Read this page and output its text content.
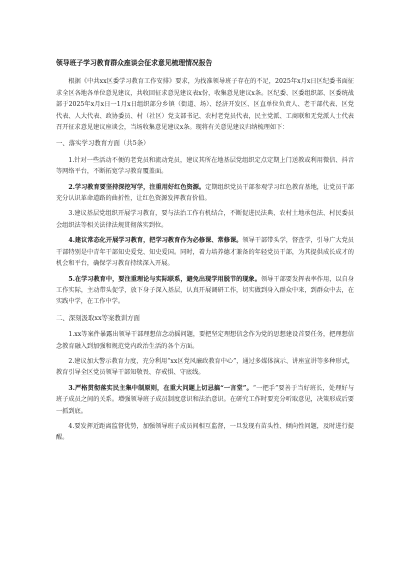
领导班子学习教育群众座谈会征求意见梳理情况报告

根据《中共xx区委学习教育工作安排》要求，为找准领导班子存在的不足，2025年x月x日区纪委书面征求全区各地各单位意见建议，共收回征求意见建议表x份，收集意见建议x条。区纪委、区委组织部、区委统战部于2025年x月x日一1月x日组织部分乡镇（街道、场）、经济开发区、区直单位负责人、老干部代表、区党代表、人大代表、政协委员、村（社区）党支部书记、农村老党员代表，民主党派、工商联和无党派人士代表召开征求意见建议座谈会，当场收集意见建议x条。现将有关意见建议归纳梳理如下：

一、落实学习教育方面（共5条）

1.针对一些活动不便的老党员和流动党员，建议其所在地基层党组织定点定期上门送教或利用微信、抖音等网络平台，不断拓宽学习教育覆盖面。

2.学习教育要坚持深挖写学，注重用好红色资源。定期组织党员干部参观学习红色教育基地，让党员干部充分认识革命道路的曲折性，让红色资源发挥教育价值。

3.建议基层党组织开展学习教育，要与法治工作有机结合，不断促进民法典、农村土地承包法、村民委员会组织法等相关法律法规贯彻落实到位。

4.建议常态化开展学习教育，把学习教育作为必修课、常修课。领导干部带头学，督查学，引导广大党员干部特别是中青年干部知史爱党、知史爱国。同时，着力培养德才兼备的年轻党员干部，为其提供成长成才的机会和平台，确保学习教育持续深入开展。

5.在学习教育中，要注重理论与实际联系，避免出现学用脱节的现象。领导干部要发挥表率作用，以自身工作实际，主动带头促学，放下身子深入基层，认真开展调研工作，切实做到身入群众中来，到群众中去，在实践中学，在工作中学。

二、深刻汲取xx等案教训方面

1.xx等案件暴露出领导干部理想信念动摇问题，要把坚定理想信念作为党的思想建设首要任务，把理想信念教育融入到加强和规范党内政治生活的各个方面。

2.建议加大警示教育力度，充分利用“xx区党风廉政教育中心”，通过多媒体演示、讲座宣讲等多种形式，教育引导全区党员领导干部知敬畏、存戒惧、守底线。

3.严格贯彻落实民主集中制原则，在重大问题上切忌搞“一言堂”。“一把手”要善于当好班长，处理好与班子成员之间的关系。增强领导班子成员制度意识和法治意识。在研究工作时要充分听取意见，决策形成后要一抓到底。

4.要发挥近距离监督优势，加强领导班子成员间相互监督，一旦发现有苗头性、倾向性问题，及时进行提醒。
